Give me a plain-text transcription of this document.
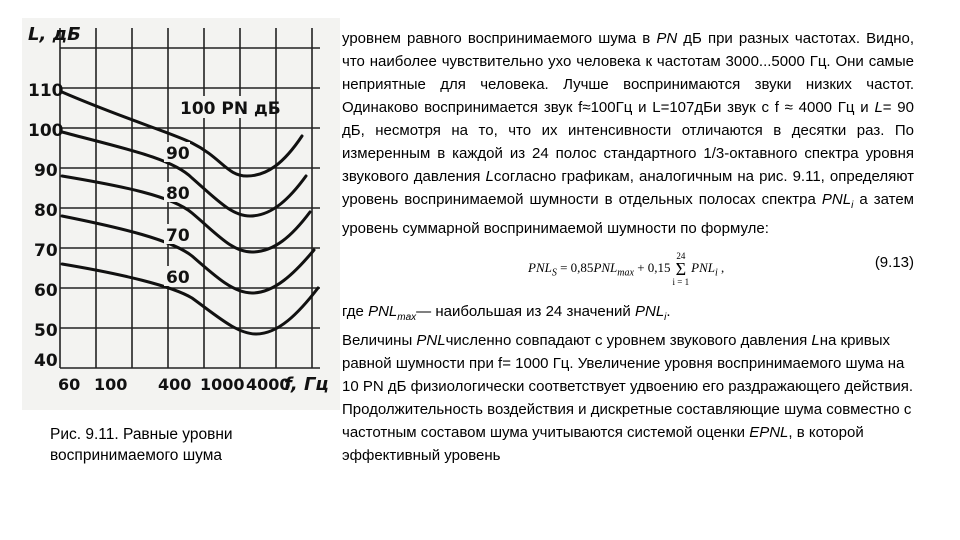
L, дБ
f, Гц
110
100
90
80
70
60
50
40
60 100 400 1000 4000
100 PN дБ
90
80
70
60
Рис. 9.11. Равные уровни воспринимаемого шума

уровнем равного воспринимаемого шума в PN дБ при разных частотах. Видно, что наиболее чувствительно ухо человека к частотам 3000...5000 Гц. Они самые неприятные для человека. Лучше воспринимаются звуки низких частот. Одинаково воспринимается звук f≈100Гц и L=107дБи звук с f ≈ 4000 Гц и L= 90 дБ, несмотря на то, что их интенсивности отличаются в десятки раз. По измеренным в каждой из 24 полос стандартного 1/3-октавного спектра уровня звукового давления Lсогласно графикам, аналогичным на рис. 9.11, определяют уровень воспринимаемой шумности в отдельных полосах спектра $PNL_i$ а затем уровень суммарной воспринимаемой шумности по формуле:

$PNL_S = 0,85PNL_{max} + 0,1524$
Σ
$i = 1PNL_i$ ,	(9.13)

где $PNL_{max}—$ наибольшая из 24 значений $PNL_i$.

Величины PNLчисленно совпадают с уровнем звукового давления Lна кривых равной шумности при f= 1000 Гц. Увеличение уровня воспринимаемого шума на 10 PN дБ физиологически соответствует удвоению его раздражающего действия.

Продолжительность воздействия и дискретные составляющие шума совместно с частотным составом шума учитываются системой оценки EPNL, в которой эффективный уровень
